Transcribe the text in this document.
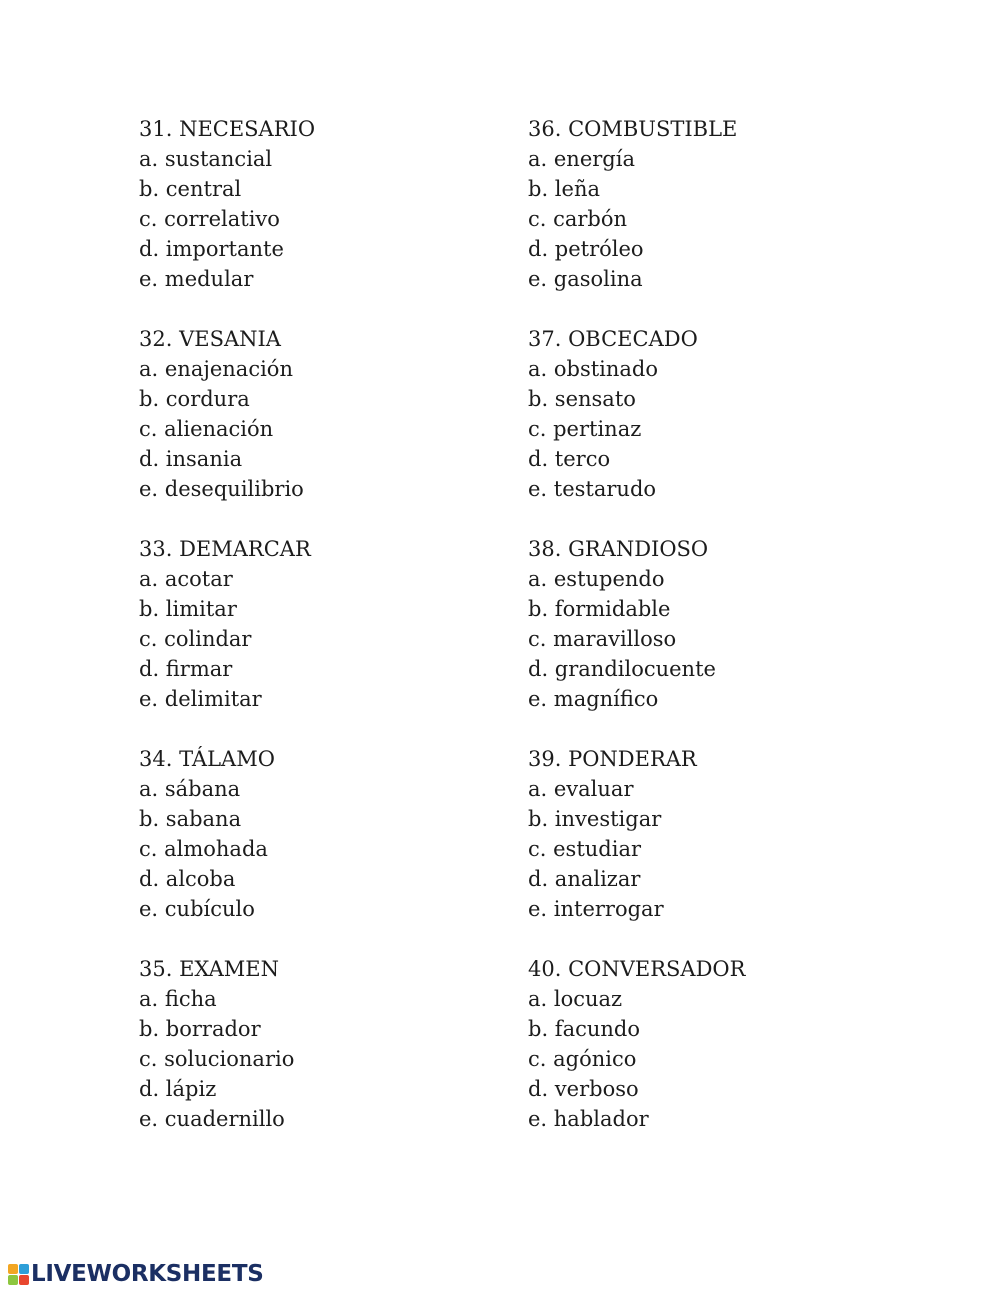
31. NECESARIO
a. sustancial
b. central
c. correlativo
d. importante
e. medular
32. VESANIA
a. enajenación
b. cordura
c. alienación
d. insania
e. desequilibrio
33. DEMARCAR
a. acotar
b. limitar
c. colindar
d. firmar
e. delimitar
34. TÁLAMO
a. sábana
b. sabana
c. almohada
d. alcoba
e. cubículo
35. EXAMEN
a. ficha
b. borrador
c. solucionario
d. lápiz
e. cuadernillo
36. COMBUSTIBLE
a. energía
b. leña
c. carbón
d. petróleo
e. gasolina
37. OBCECADO
a. obstinado
b. sensato
c. pertinaz
d. terco
e. testarudo
38. GRANDIOSO
a. estupendo
b. formidable
c. maravilloso
d. grandilocuente
e. magnífico
39. PONDERAR
a. evaluar
b. investigar
c. estudiar
d. analizar
e. interrogar
40. CONVERSADOR
a. locuaz
b. facundo
c. agónico
d. verboso
e. hablador
LIVEWORKSHEETS
